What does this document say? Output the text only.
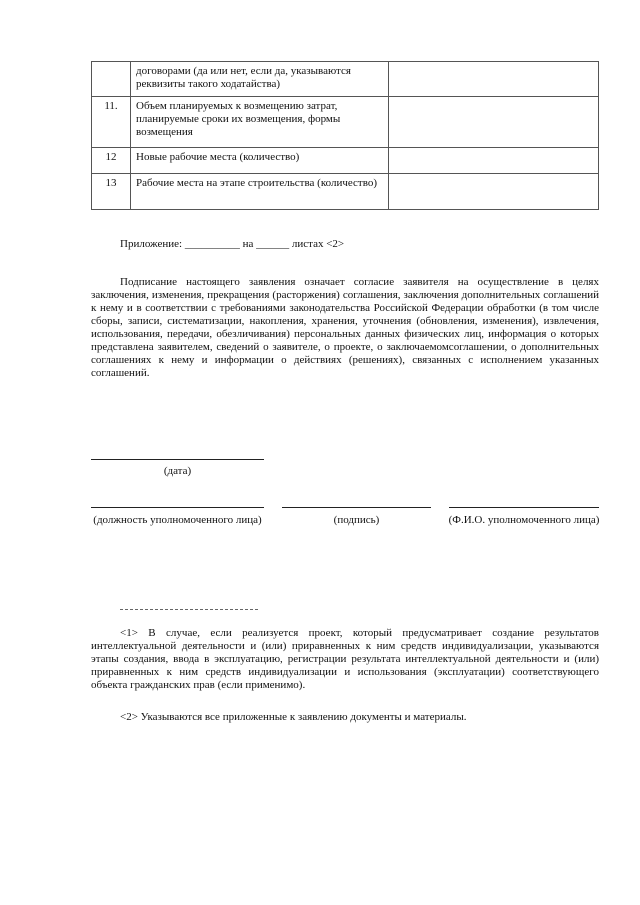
	договорами (да или нет, если да, указываются реквизиты такого ходатайства)	
11.	Объем планируемых к возмещению затрат, планируемые сроки их возмещения, формы возмещения	
12	Новые рабочие места (количество)	
13	Рабочие места на этапе строительства (количество)	
Приложение: __________ на ______ листах <2>

Подписание настоящего заявления означает согласие заявителя на осуществление в целях заключения, изменения, прекращения (расторжения) соглашения, заключения дополнительных соглашений к нему и в соответствии с требованиями законодательства Российской Федерации обработки (в том числе сборы, записи, систематизации, накопления, хранения, уточнения (обновления, изменения), извлечения, использования, передачи, обезличивания) персональных данных физических лиц, информация о которых представлена заявителем, сведений о заявителе, о проекте, о заключаемомсоглашении, о дополнительных соглашениях к нему и информации о действиях (решениях), связанных с исполнением указанных соглашений.

(дата)
(должность уполномоченного лица)	(подпись)	(Ф.И.О. уполномоченного лица)

<1> В случае, если реализуется проект, который предусматривает создание результатов интеллектуальной деятельности и (или) приравненных к ним средств индивидуализации, указываются этапы создания, ввода в эксплуатацию, регистрации результата интеллектуальной деятельности и (или) приравненных к ним средств индивидуализации и использования (эксплуатации) соответствующего объекта гражданских прав (если применимо).

<2> Указываются все приложенные к заявлению документы и материалы.
